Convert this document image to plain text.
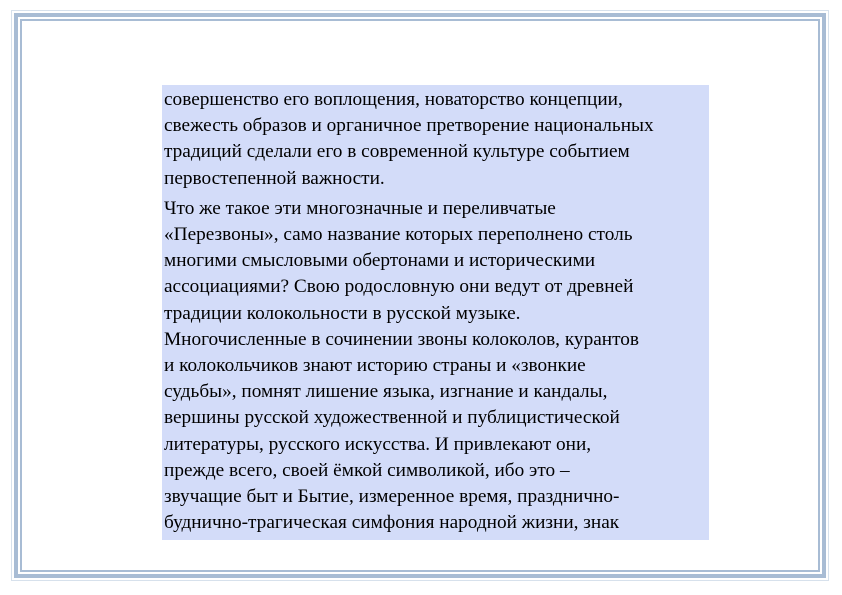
совершенство его воплощения, новаторство концепции,
свежесть образов и органичное претворение национальных
традиций сделали его в современной культуре событием
первостепенной важности.
Что же такое эти многозначные и переливчатые
«Перезвоны», само название которых переполнено столь
многими смысловыми обертонами и историческими
ассоциациями? Свою родословную они ведут от древней
традиции колокольности в русской музыке.
Многочисленные в сочинении звоны колоколов, курантов
и колокольчиков знают историю страны и «звонкие
судьбы», помнят лишение языка, изгнание и кандалы,
вершины русской художественной и публицистической
литературы, русского искусства. И привлекают они,
прежде всего, своей ёмкой символикой, ибо это –
звучащие быт и Бытие, измеренное время, празднично-
буднично-трагическая симфония народной жизни, знак
